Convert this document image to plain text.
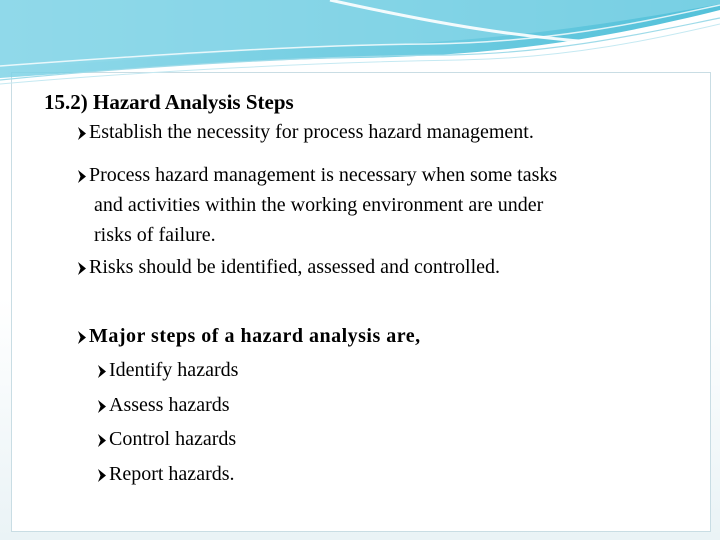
15.2) Hazard Analysis Steps
Establish the necessity for process hazard management.
Process hazard management is necessary when some tasks
and activities within the working environment are under
risks of failure.
Risks should be identified, assessed and controlled.
Major steps of a hazard analysis are,
Identify hazards
Assess hazards
Control hazards
Report hazards.
